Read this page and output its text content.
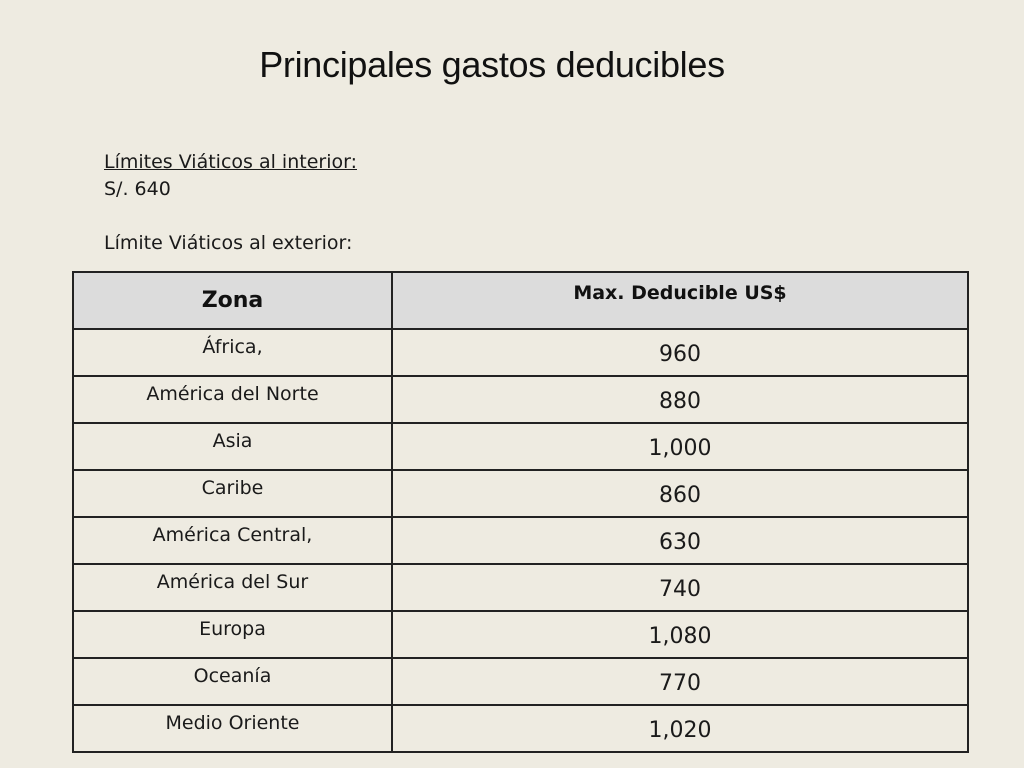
Principales gastos deducibles
Límites Viáticos al interior:
S/. 640
Límite Viáticos al exterior:
Zona	Max. Deducible US$
África,	960
América del Norte	880
Asia	1,000
Caribe	860
América Central,	630
América del Sur	740
Europa	1,080
Oceanía	770
Medio Oriente	1,020
